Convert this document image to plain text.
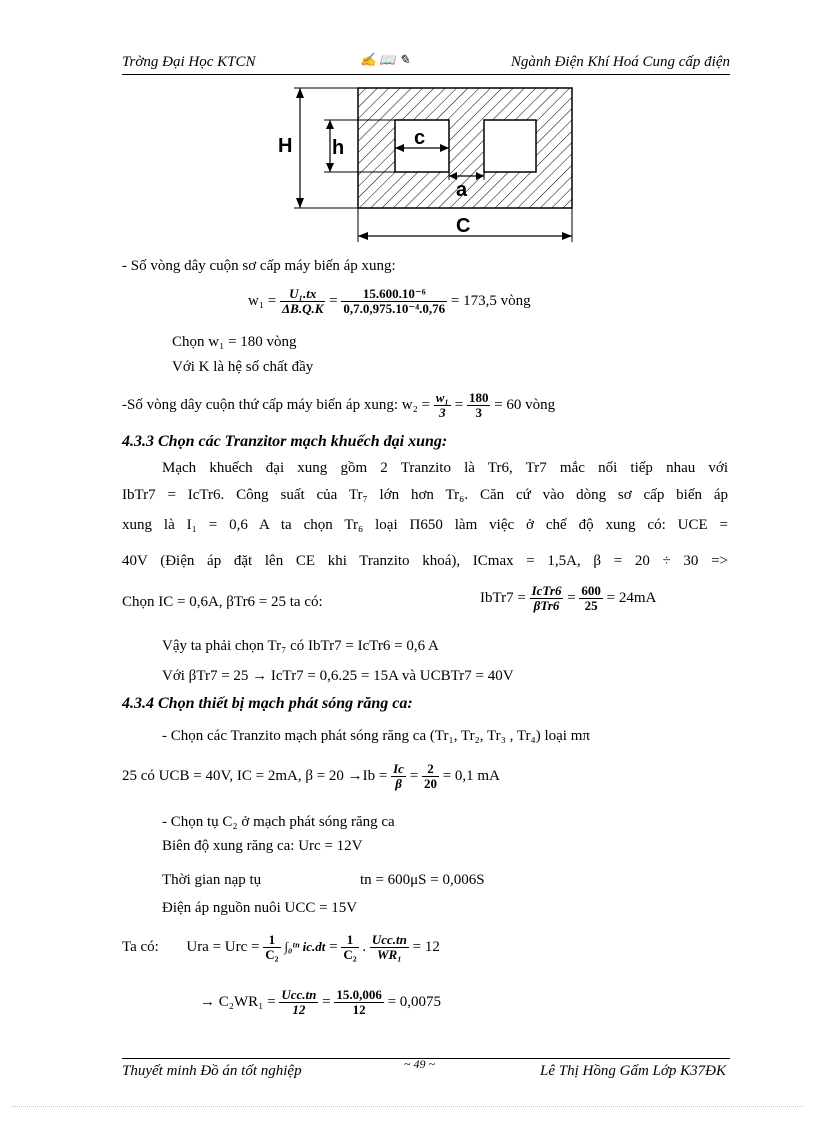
Trờng Đại Học KTCN	✍ 📖 ✎	Ngành Điện Khí Hoá Cung cấp điện
H h	c
a
C
- Số vòng dây cuộn sơ cấp máy biến áp xung:
$w_1 = \frac{\text{U₁.tx}}{\Delta B.Q.K} = \frac{\text{15.600.10⁻⁶}}{\text{0,7.0,975.10⁻⁴.0,76}} = 173,5$ vòng
Chọn w₁ = 180 vòng
Với K là hệ số chất đầy
-Số vòng dây cuộn thứ cấp máy biến áp xung: $w_2 = \frac{\text{w₁}}{3} = \frac{180}{3} = 60$ vòng
4.3.3 Chọn các Tranzitor mạch khuếch đại xung:
Mạch khuếch đại xung gồm 2 Tranzito là Tr6, Tr7 mắc nối tiếp nhau với
IbTr7 = IcTr6. Công suất của Tr₇ lớn hơn Tr₆. Căn cứ vào dòng sơ cấp biến áp
xung là I₁ = 0,6 A ta chọn Tr₆ loại Π650 làm việc ở chế độ xung có: UCE =
40V (Điện áp đặt lên CE khi Tranzito khoá), ICmax = 1,5A, β = 20 ÷ 30 =>
Chọn IC = 0,6A, βTr6 = 25 ta có:	IbTr7 = $\frac{\text{IcTr6}}{\text{βTr6}} = \frac{600}{25} = 24mA$
Vậy ta phải chọn Tr₇ có IbTr7 = IcTr6 = 0,6 A
Với βTr7 = 25 → IcTr7 = 0,6.25 = 15A và UCBTr7 = 40V
4.3.4 Chọn thiết bị mạch phát sóng răng ca:
- Chọn các Tranzito mạch phát sóng răng ca (Tr₁, Tr₂, Tr₃ , Tr₄) loại mπ
25 có UCB = 40V, IC = 2mA, $\beta = 20 \to Ib = \frac{Ic}{\beta} = \frac{2}{20} = 0,1$ mA
- Chọn tụ C₂ ở mạch phát sóng răng ca
Biên độ xung răng ca: Urc = 12V
Thời gian nạp tụ	tn = 600μS = 0,006S
Điện áp nguồn nuôi UCC = 15V
Ta có: Ura = Urc = $\frac{1}{\text{C₂}}$ ∫₀ᵗⁿ $ic.dt = \frac{1}{\text{C₂}}$ . $\frac{\text{Ucc.tn}}{\text{WR₁}} = 12$
→ $C_2WR_1 = \frac{\text{Ucc.tn}}{12} = \frac{15.0,006}{12} = 0,0075$
Thuyết minh Đồ án tốt nghiệp	~ 49 ~	Lê Thị Hồng Gấm Lớp K37ĐK
